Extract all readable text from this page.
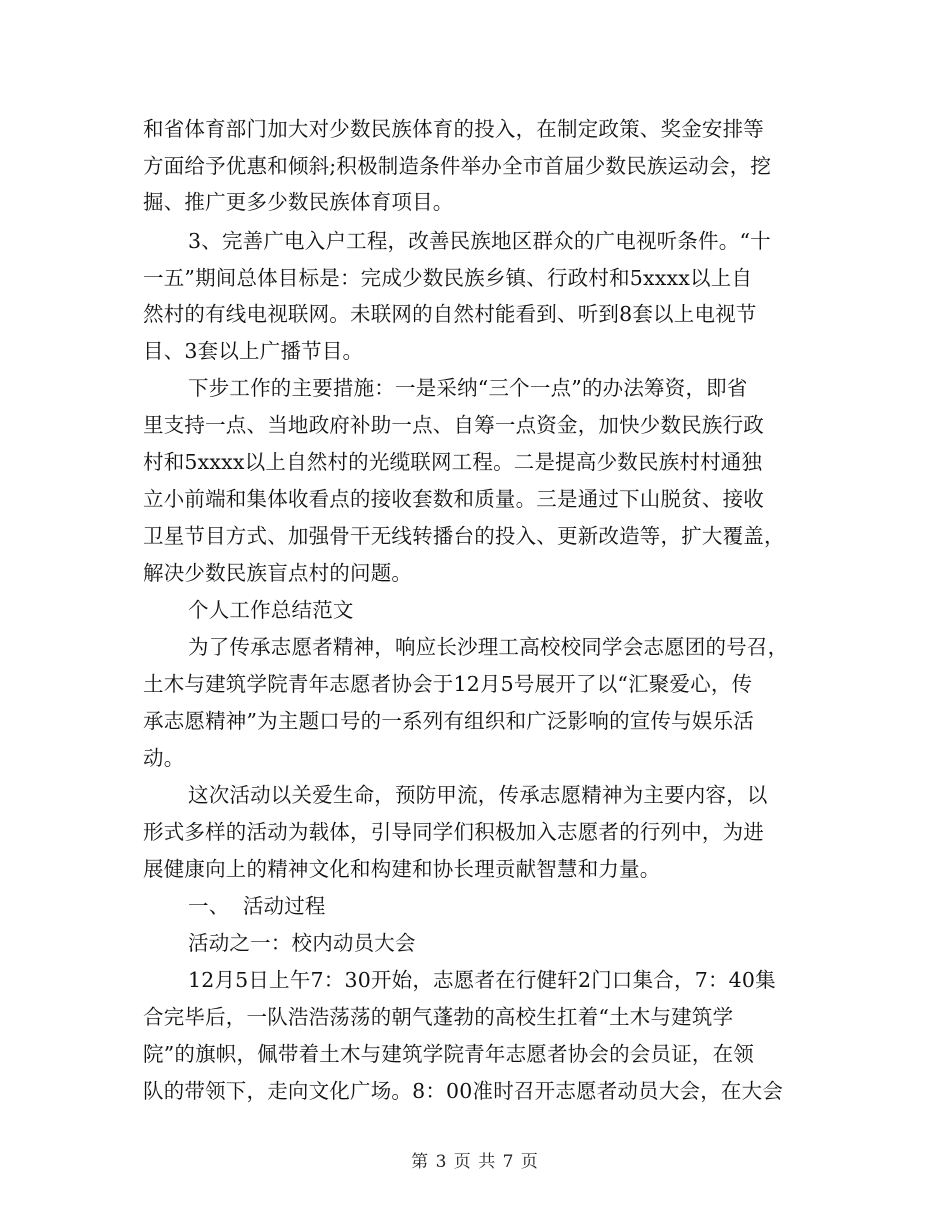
和省体育部门加大对少数民族体育的投入，在制定政策、奖金安排等
方面给予优惠和倾斜;积极制造条件举办全市首届少数民族运动会，挖
掘、推广更多少数民族体育项目。
3、完善广电入户工程，改善民族地区群众的广电视听条件。“十
一五”期间总体目标是：完成少数民族乡镇、行政村和5xxxx以上自
然村的有线电视联网。未联网的自然村能看到、听到8套以上电视节
目、3套以上广播节目。
下步工作的主要措施：一是采纳“三个一点”的办法筹资，即省
里支持一点、当地政府补助一点、自筹一点资金，加快少数民族行政
村和5xxxx以上自然村的光缆联网工程。二是提高少数民族村村通独
立小前端和集体收看点的接收套数和质量。三是通过下山脱贫、接收
卫星节目方式、加强骨干无线转播台的投入、更新改造等，扩大覆盖，
解决少数民族盲点村的问题。
个人工作总结范文
为了传承志愿者精神，响应长沙理工高校校同学会志愿团的号召，
土木与建筑学院青年志愿者协会于12月5号展开了以“汇聚爱心，传
承志愿精神”为主题口号的一系列有组织和广泛影响的宣传与娱乐活
动。
这次活动以关爱生命，预防甲流，传承志愿精神为主要内容，以
形式多样的活动为载体，引导同学们积极加入志愿者的行列中，为进
展健康向上的精神文化和构建和协长理贡献智慧和力量。
一、  活动过程
活动之一：校内动员大会
12月5日上午7：30开始，志愿者在行健轩2门口集合，7：40集
合完毕后，一队浩浩荡荡的朝气蓬勃的高校生扛着“土木与建筑学
院”的旗帜，佩带着土木与建筑学院青年志愿者协会的会员证，在领
队的带领下，走向文化广场。8：00准时召开志愿者动员大会，在大会
第 3 页 共 7 页
